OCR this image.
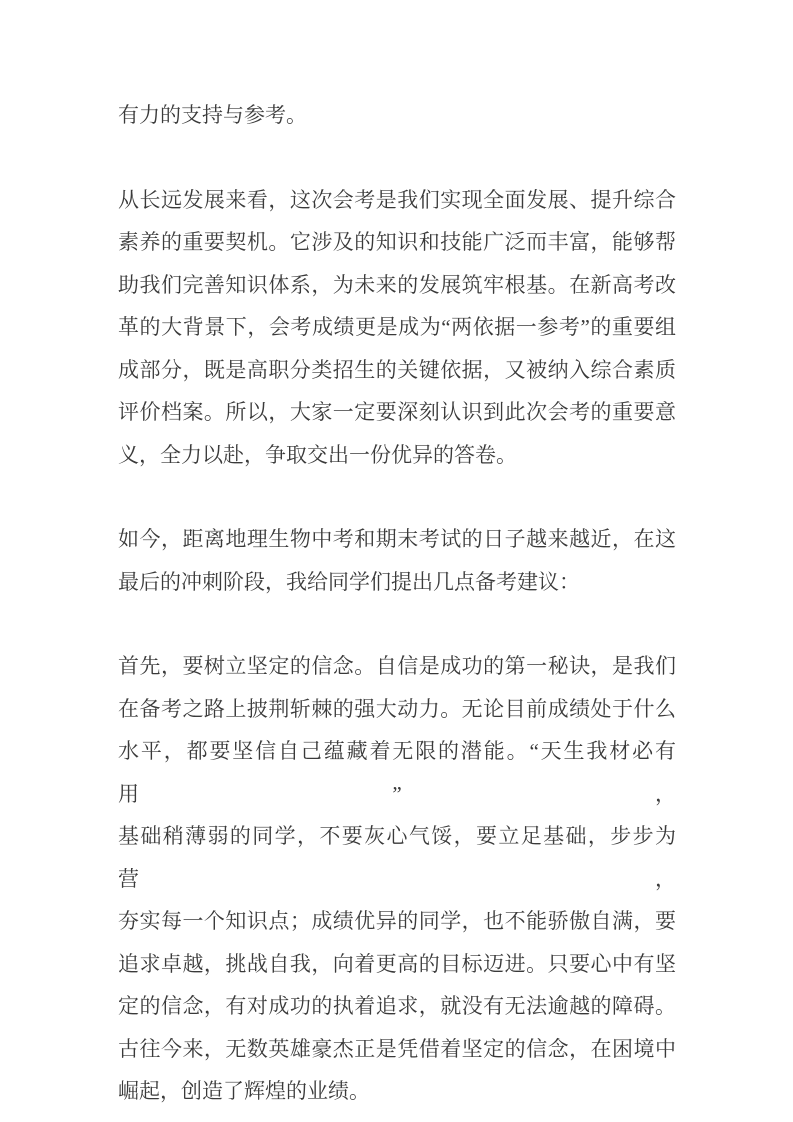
有力的支持与参考。
从长远发展来看，这次会考是我们实现全面发展、提升综合
素养的重要契机。它涉及的知识和技能广泛而丰富，能够帮
助我们完善知识体系，为未来的发展筑牢根基。在新高考改
革的大背景下，会考成绩更是成为“两依据一参考”的重要组
成部分，既是高职分类招生的关键依据，又被纳入综合素质
评价档案。所以，大家一定要深刻认识到此次会考的重要意
义，全力以赴，争取交出一份优异的答卷。
如今，距离地理生物中考和期末考试的日子越来越近，在这
最后的冲刺阶段，我给同学们提出几点备考建议：
首先，要树立坚定的信念。自信是成功的第一秘诀，是我们
在备考之路上披荆斩棘的强大动力。无论目前成绩处于什么
水平，都要坚信自己蕴藏着无限的潜能。“天生我材必有用”，
基础稍薄弱的同学，不要灰心气馁，要立足基础，步步为营，
夯实每一个知识点；成绩优异的同学，也不能骄傲自满，要
追求卓越，挑战自我，向着更高的目标迈进。只要心中有坚
定的信念，有对成功的执着追求，就没有无法逾越的障碍。
古往今来，无数英雄豪杰正是凭借着坚定的信念，在困境中
崛起，创造了辉煌的业绩。
